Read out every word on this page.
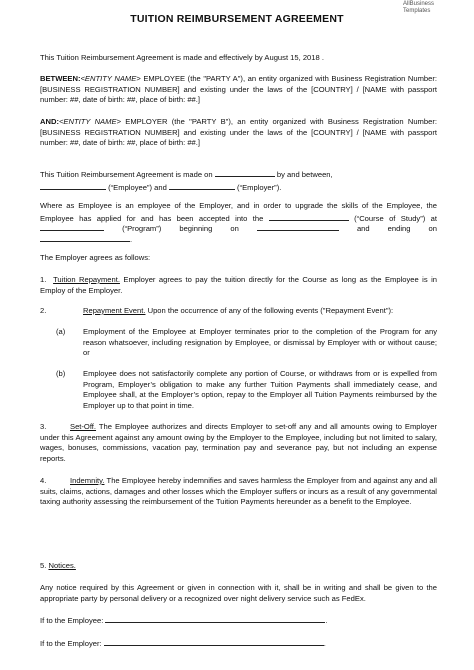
AllBusiness
Templates
TUITION REIMBURSEMENT AGREEMENT

This Tuition Reimbursement Agreement is made and effectively by August 15, 2018 .

BETWEEN:<ENTITY NAME> EMPLOYEE (the "PARTY A"), an entity organized with Business Registration Number: [BUSINESS REGISTRATION NUMBER] and existing under the laws of the [COUNTRY] / [NAME with passport number: ##, date of birth: ##, place of birth: ##.]

AND:<ENTITY NAME> EMPLOYER (the "PARTY B"), an entity organized with Business Registration Number: [BUSINESS REGISTRATION NUMBER] and existing under the laws of the [COUNTRY] / [NAME with passport number: ##, date of birth: ##, place of birth: ##.]

This Tuition Reimbursement Agreement is made on	by and between,
(“Employee”) and	(“Employer”).

Where as Employee is an employee of the Employer, and in order to upgrade the skills of the Employee, the

Employee has applied for and has been accepted into the	(“Course of Study”) at

(“Program”) beginning on	and ending on

.

The Employer agrees as follows:

1. Tuition Repayment. Employer agrees to pay the tuition directly for the Course as long as the Employee is in Employ of the Employer.

2.	Repayment Event. Upon the occurrence of any of the following events ("Repayment Event"):

(a) Employment of the Employee at Employer terminates prior to the completion of the Program for any reason whatsoever, including resignation by Employee, or dismissal by Employer with or without cause; or

(b) Employee does not satisfactorily complete any portion of Course, or withdraws from or is expelled from Program, Employer’s obligation to make any further Tuition Payments shall immediately cease, and Employee shall, at the Employer’s option, repay to the Employer all Tuition Payments reimbursed by the Employer up to that point in time.

3.	Set-Off. The Employee authorizes and directs Employer to set-off any and all amounts owing to Employer under this Agreement against any amount owing by the Employer to the Employee, including but not limited to salary, wages, bonuses, commissions, vacation pay, termination pay and severance pay, but not including an expense reports.

4.	Indemnity. The Employee hereby indemnifies and saves harmless the Employer from and against any and all suits, claims, actions, damages and other losses which the Employer suffers or incurs as a result of any governmental taxing authority assessing the reimbursement of the Tuition Payments hereunder as a benefit to the Employee.

5. Notices.

Any notice required by this Agreement or given in connection with it, shall be in writing and shall be given to the appropriate party by personal delivery or a recognized over night delivery service such as FedEx.

If to the Employee:	.

If to the Employer:	.
